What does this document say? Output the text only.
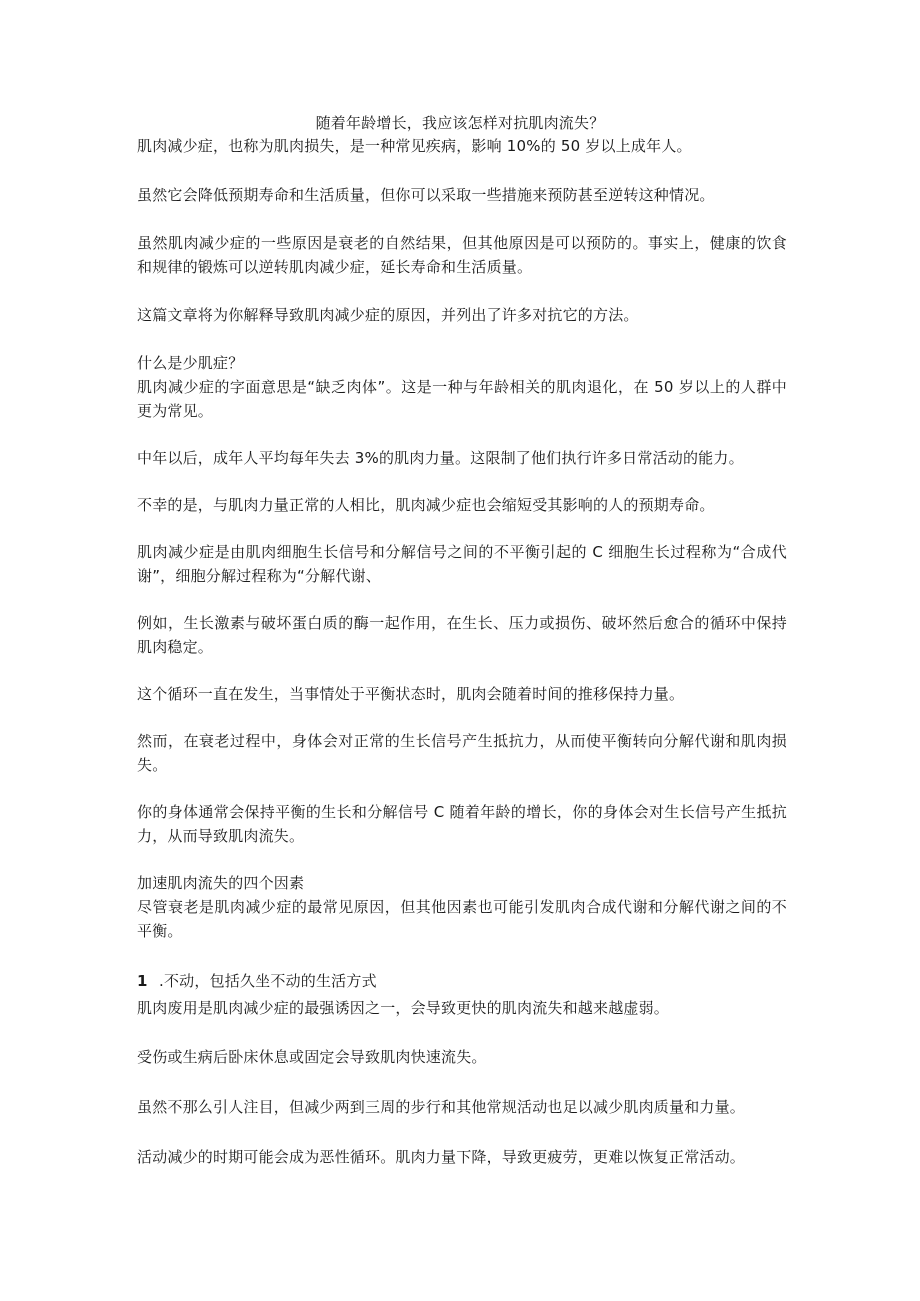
随着年龄增长，我应该怎样对抗肌肉流失？

肌肉减少症，也称为肌肉损失，是一种常见疾病，影响 10%的 50 岁以上成年人。

虽然它会降低预期寿命和生活质量，但你可以采取一些措施来预防甚至逆转这种情况。

虽然肌肉减少症的一些原因是衰老的自然结果，但其他原因是可以预防的。事实上，健康的饮食和规律的锻炼可以逆转肌肉减少症，延长寿命和生活质量。

这篇文章将为你解释导致肌肉减少症的原因，并列出了许多对抗它的方法。

什么是少肌症？

肌肉减少症的字面意思是“缺乏肉体”。这是一种与年龄相关的肌肉退化，在 50 岁以上的人群中更为常见。

中年以后，成年人平均每年失去 3%的肌肉力量。这限制了他们执行许多日常活动的能力。

不幸的是，与肌肉力量正常的人相比，肌肉减少症也会缩短受其影响的人的预期寿命。

肌肉减少症是由肌肉细胞生长信号和分解信号之间的不平衡引起的 C 细胞生长过程称为“合成代谢”，细胞分解过程称为“分解代谢、

例如，生长激素与破坏蛋白质的酶一起作用，在生长、压力或损伤、破坏然后愈合的循环中保持肌肉稳定。

这个循环一直在发生，当事情处于平衡状态时，肌肉会随着时间的推移保持力量。

然而，在衰老过程中，身体会对正常的生长信号产生抵抗力，从而使平衡转向分解代谢和肌肉损失。

你的身体通常会保持平衡的生长和分解信号 C 随着年龄的增长，你的身体会对生长信号产生抵抗力，从而导致肌肉流失。

加速肌肉流失的四个因素

尽管衰老是肌肉减少症的最常见原因，但其他因素也可能引发肌肉合成代谢和分解代谢之间的不平衡。

1 .不动，包括久坐不动的生活方式

肌肉废用是肌肉减少症的最强诱因之一，会导致更快的肌肉流失和越来越虚弱。

受伤或生病后卧床休息或固定会导致肌肉快速流失。

虽然不那么引人注目，但减少两到三周的步行和其他常规活动也足以减少肌肉质量和力量。

活动减少的时期可能会成为恶性循环。肌肉力量下降，导致更疲劳，更难以恢复正常活动。
